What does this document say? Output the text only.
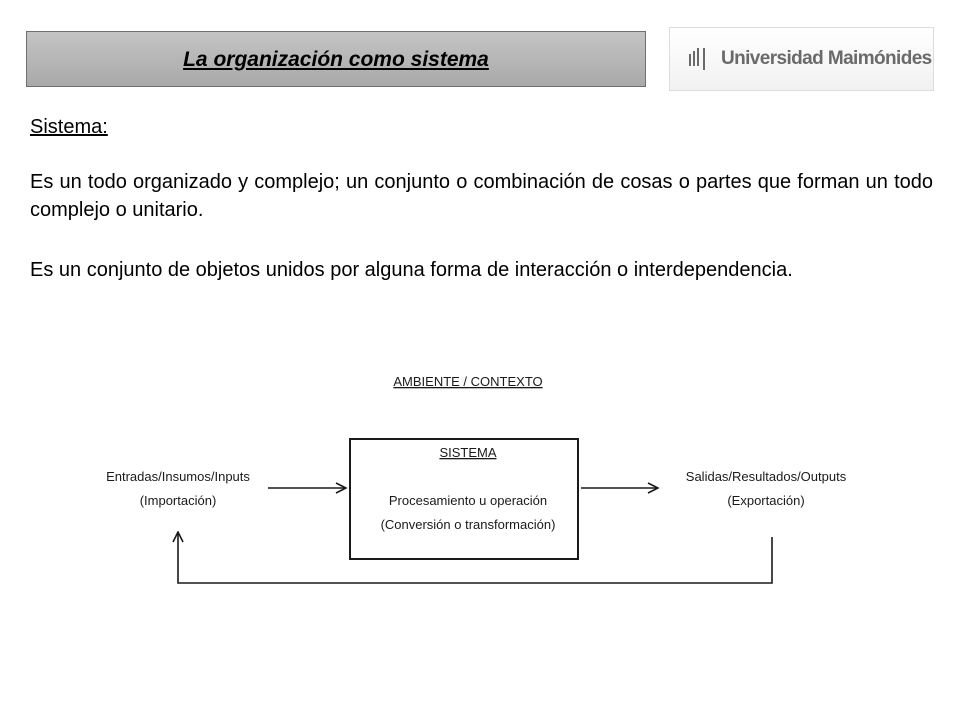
La organización como sistema	Universidad Maimónides
Sistema:
Es un todo organizado y complejo; un conjunto o combinación de cosas o partes que forman un todo complejo o unitario.
Es un conjunto de objetos unidos por alguna forma de interacción o interdependencia.
AMBIENTE / CONTEXTO
SISTEMA
Procesamiento u operación
(Conversión o transformación)
Entradas/Insumos/Inputs
(Importación)
Salidas/Resultados/Outputs
(Exportación)
